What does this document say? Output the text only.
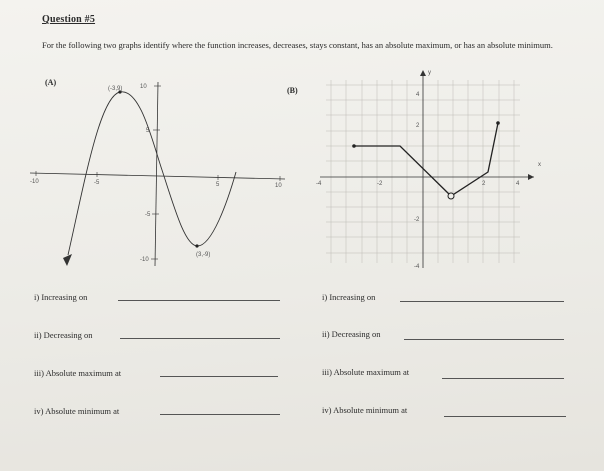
Question #5
For the following two graphs identify where the function increases, decreases, stays constant, has an absolute maximum, or has an absolute minimum.
-10	-5	5	10
10
5
-5
-10
(-3,9)
(3,-9)
x
y
-4	-2	2	4
4
2
-2
-4
(A)
(B)
i) Increasing on
ii) Decreasing on
iii) Absolute maximum at
iv) Absolute minimum at
i) Increasing on
ii) Decreasing on
iii) Absolute maximum at
iv) Absolute minimum at
